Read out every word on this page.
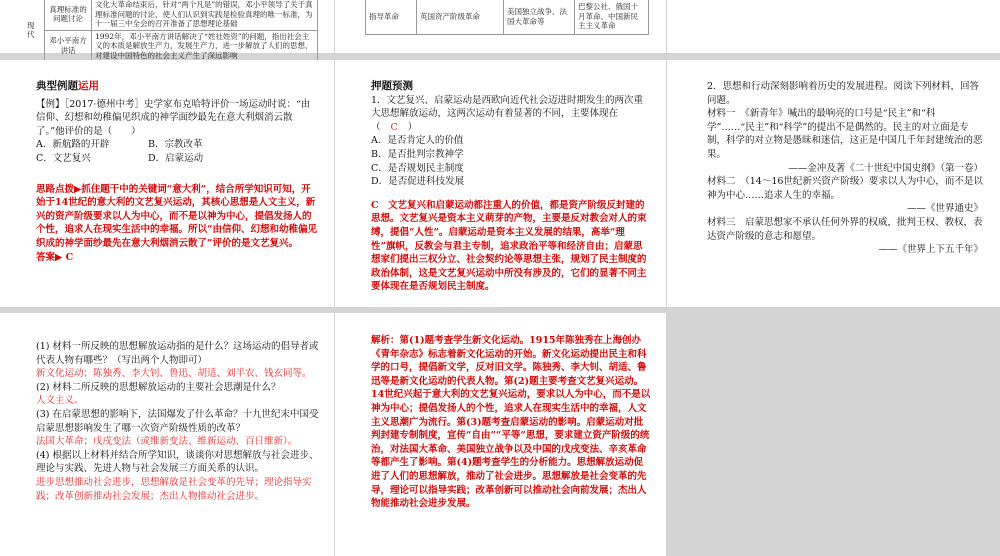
现代	真理标准的问题讨论	文化大革命结束后，针对“两个凡是”的错误，邓小平领导了关于真理标准问题的讨论，使人们认识到实践是检验真理的唯一标准，为十一届三中全会的召开准备了思想理论基础
	邓小平南方讲话	1992年，邓小平南方讲话解决了“姓社姓资”的问题，指出社会主义的本质是解放生产力，发展生产力，进一步解放了人们的思想，对建设中国特色的社会主义产生了深远影响
指导革命	英国资产阶级革命	美国独立战争、法国大革命等	巴黎公社、俄国十月革命、中国新民主主义革命

典型例题运用

【例】［2017·德州中考］史学家布克哈特评价一场运动时说：“由信仰、幻想和幼稚偏见织成的神学面纱最先在意大利烟消云散了。”他评价的是（　　）

A．新航路的开辟	B．宗教改革
C．文艺复兴	D．启蒙运动

思路点拨▶抓住题干中的关键词“意大利”，结合所学知识可知，开始于14世纪的意大利的文艺复兴运动，其核心思想是人文主义，新兴的资产阶级要求以人为中心，而不是以神为中心，提倡发扬人的个性，追求人在现实生活中的幸福。所以“由信仰、幻想和幼稚偏见织成的神学面纱最先在意大利烟消云散了”评价的是文艺复兴。

答案▶ C

押题预测

1．文艺复兴、启蒙运动是西欧向近代社会迈进时期发生的两次重大思想解放运动，这两次运动有着显著的不同，主要体现在（ C ）

A．是否肯定人的价值

B．是否批判宗教神学

C．是否规划民主制度

D．是否促进科技发展

C　文艺复兴和启蒙运动都注重人的价值，都是资产阶级反封建的思想。文艺复兴是资本主义萌芽的产物，主要是反对教会对人的束缚，提倡“人性”。启蒙运动是资本主义发展的结果，高举“理性”旗帜，反教会与君主专制，追求政治平等和经济自由；启蒙思想家们提出三权分立、社会契约论等思想主张，规划了民主制度的政治体制，这是文艺复兴运动中所没有涉及的，它们的显著不同主要体现在是否规划民主制度。

2．思想和行动深刻影响着历史的发展进程。阅读下列材料，回答问题。

材料一　《新青年》喊出的最响亮的口号是“民主”和“科学”……“民主”和“科学”的提出不是偶然的。民主的对立面是专制，科学的对立物是愚昧和迷信，这正是中国几千年封建统治的恶果。

——金冲及著《二十世纪中国史纲》（第一卷）

材料二　（14～16世纪新兴资产阶级）要求以人为中心，而不是以神为中心……追求人生的幸福。

——《世界通史》

材料三　启蒙思想家不承认任何外界的权威，批判王权、教权，表达资产阶级的意志和愿望。

——《世界上下五千年》

(1) 材料一所反映的思想解放运动指的是什么？这场运动的倡导者或代表人物有哪些？（写出两个人物即可）

新文化运动；陈独秀、李大钊、鲁迅、胡适、刘半农、钱玄同等。

(2) 材料二所反映的思想解放运动的主要社会思潮是什么？

人文主义。

(3) 在启蒙思想的影响下，法国爆发了什么革命？十九世纪末中国受启蒙思想影响发生了哪一次资产阶级性质的改革？

法国大革命；戊戌变法（或维新变法、维新运动、百日维新）。

(4) 根据以上材料并结合所学知识，谈谈你对思想解放与社会进步、理论与实践、先进人物与社会发展三方面关系的认识。

进步思想推动社会进步，思想解放是社会变革的先导；理论指导实践；改革创新推动社会发展；杰出人物推动社会进步。

解析：第(1)题考查学生新文化运动。1915年陈独秀在上海创办《青年杂志》标志着新文化运动的开始。新文化运动提出民主和科学的口号，提倡新文学，反对旧文学。陈独秀、李大钊、胡适、鲁迅等是新文化运动的代表人物。第(2)题主要考查文艺复兴运动。14世纪兴起于意大利的文艺复兴运动，要求以人为中心，而不是以神为中心；提倡发扬人的个性，追求人在现实生活中的幸福，人文主义思潮广为流行。第(3)题考查启蒙运动的影响。启蒙运动对批判封建专制制度，宣传“自由”“平等”思想，要求建立资产阶级的统治，对法国大革命、美国独立战争以及中国的戊戌变法、辛亥革命等都产生了影响。第(4)题考查学生的分析能力。思想解放运动促进了人们的思想解放，推动了社会进步。思想解放是社会变革的先导，理论可以指导实践；改革创新可以推动社会向前发展；杰出人物能推动社会进步发展。
